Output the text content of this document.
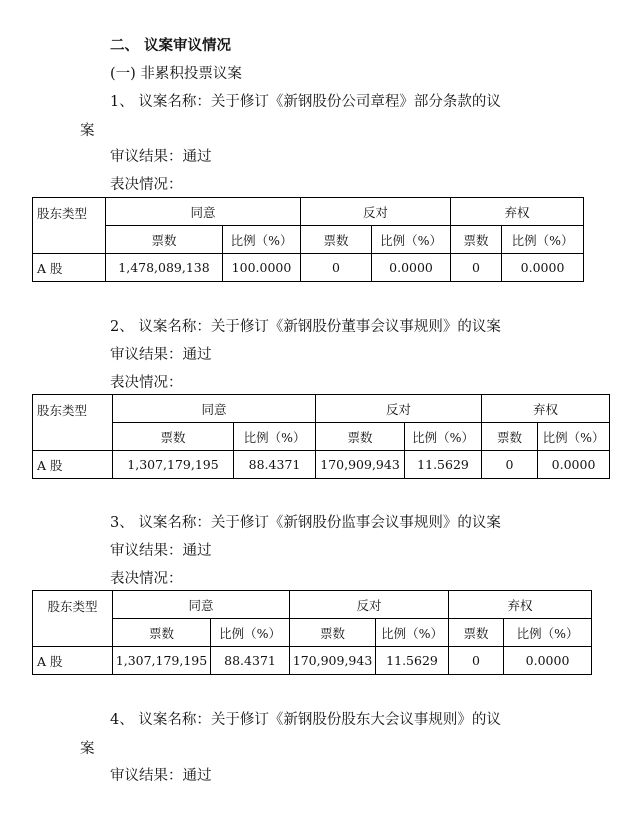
二、 议案审议情况
(一) 非累积投票议案
1、 议案名称：关于修订《新钢股份公司章程》部分条款的议
案
审议结果：通过
表决情况：
股东类型	同意		反对		弃权	
	票数	比例（%）	票数	比例（%）	票数	比例（%）
A 股	1,478,089,138	100.0000	0	0.0000	0	0.0000
2、 议案名称：关于修订《新钢股份董事会议事规则》的议案
审议结果：通过
表决情况：
股东类型	同意		反对		弃权	
	票数	比例（%）	票数	比例（%）	票数	比例（%）
A 股	1,307,179,195	88.4371	170,909,943	11.5629	0	0.0000
3、 议案名称：关于修订《新钢股份监事会议事规则》的议案
审议结果：通过
表决情况：
股东类型	同意		反对		弃权	
	票数	比例（%）	票数	比例（%）	票数	比例（%）
A 股	1,307,179,195	88.4371	170,909,943	11.5629	0	0.0000
4、 议案名称：关于修订《新钢股份股东大会议事规则》的议
案
审议结果：通过
